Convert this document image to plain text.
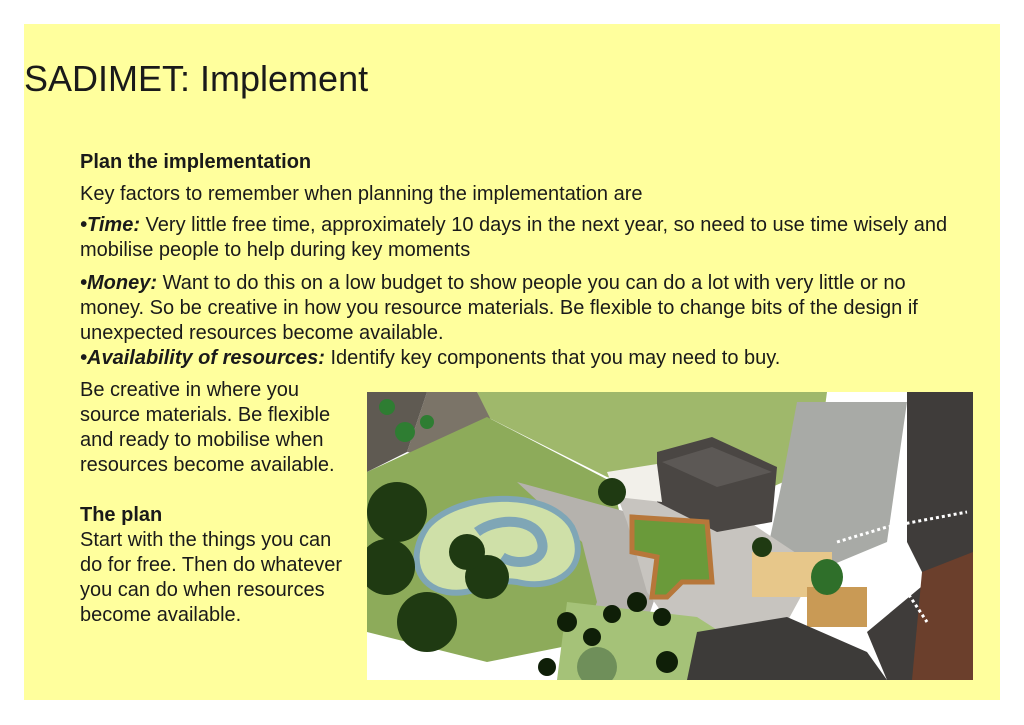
SADIMET: Implement

Plan the implementation

Key factors to remember when planning the implementation are

•Time: Very little free time, approximately 10 days in the next year, so need to use time wisely and mobilise people to help during key moments

•Money: Want to do this on a low budget to show people you can do a lot with very little or no money. So be creative in how you resource materials. Be flexible to change bits of the design if unexpected resources become available.

•Availability of resources: Identify key components that you may need to buy.

Be creative in where you source materials. Be flexible and ready to mobilise when resources become available.

The plan

Start with the things you can do for free. Then do whatever you can do when resources become available.
